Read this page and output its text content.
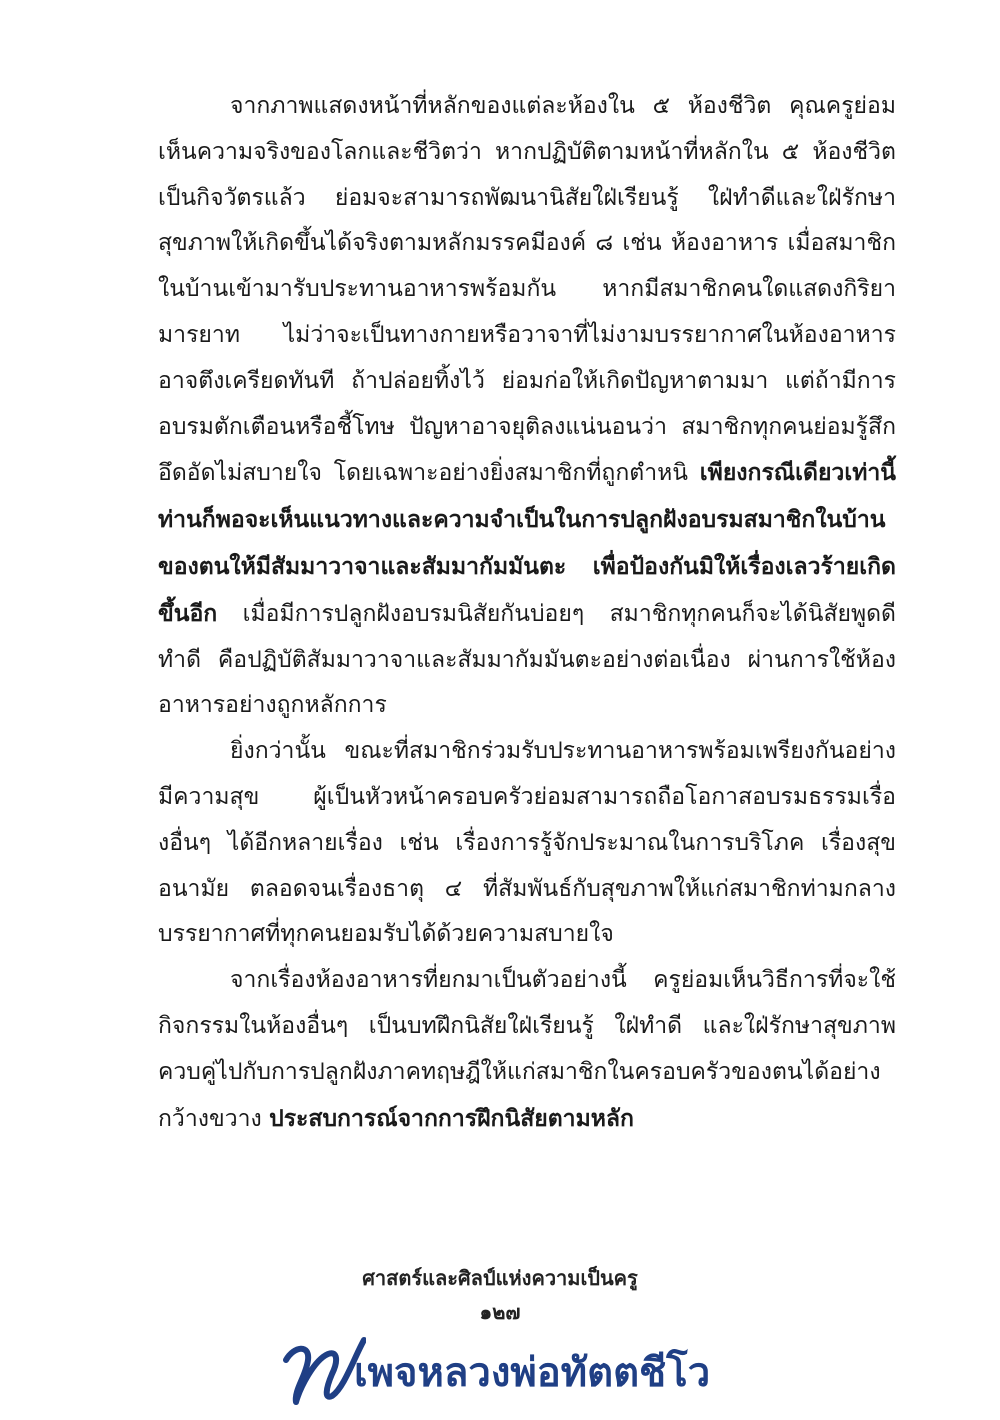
จากภาพแสดงหน้าที่หลักของแต่ละห้องใน ๕ ห้องชีวิต คุณครูย่อมเห็นความจริงของโลกและชีวิตว่า หากปฏิบัติตามหน้าที่หลักใน ๕ ห้องชีวิตเป็นกิจวัตรแล้ว ย่อมจะสามารถพัฒนานิสัยใฝ่เรียนรู้ ใฝ่ทำดีและใฝ่รักษาสุขภาพให้เกิดขึ้นได้จริงตามหลักมรรคมีองค์ ๘ เช่น ห้องอาหาร เมื่อสมาชิกในบ้านเข้ามารับประทานอาหารพร้อมกัน หากมีสมาชิกคนใดแสดงกิริยามารยาท ไม่ว่าจะเป็นทางกายหรือวาจาที่ไม่งามบรรยากาศในห้องอาหารอาจตึงเครียดทันที ถ้าปล่อยทิ้งไว้ ย่อมก่อให้เกิดปัญหาตามมา แต่ถ้ามีการอบรมตักเตือนหรือชี้โทษ ปัญหาอาจยุติลงแน่นอนว่า สมาชิกทุกคนย่อมรู้สึกอึดอัดไม่สบายใจ โดยเฉพาะอย่างยิ่งสมาชิกที่ถูกตำหนิ เพียงกรณีเดียวเท่านี้ ท่านก็พอจะเห็นแนวทางและความจำเป็นในการปลูกฝังอบรมสมาชิกในบ้านของตนให้มีสัมมาวาจาและสัมมากัมมันตะ เพื่อป้องกันมิให้เรื่องเลวร้ายเกิดขึ้นอีก เมื่อมีการปลูกฝังอบรมนิสัยกันบ่อยๆ สมาชิกทุกคนก็จะได้นิสัยพูดดี ทำดี คือปฏิบัติสัมมาวาจาและสัมมากัมมันตะอย่างต่อเนื่อง ผ่านการใช้ห้องอาหารอย่างถูกหลักการ

ยิ่งกว่านั้น ขณะที่สมาชิกร่วมรับประทานอาหารพร้อมเพรียงกันอย่างมีความสุข ผู้เป็นหัวหน้าครอบครัวย่อมสามารถถือโอกาสอบรมธรรมเรื่องอื่นๆ ได้อีกหลายเรื่อง เช่น เรื่องการรู้จักประมาณในการบริโภค เรื่องสุขอนามัย ตลอดจนเรื่องธาตุ ๔ ที่สัมพันธ์กับสุขภาพให้แก่สมาชิกท่ามกลางบรรยากาศที่ทุกคนยอมรับได้ด้วยความสบายใจ

จากเรื่องห้องอาหารที่ยกมาเป็นตัวอย่างนี้ ครูย่อมเห็นวิธีการที่จะใช้กิจกรรมในห้องอื่นๆ เป็นบทฝึกนิสัยใฝ่เรียนรู้ ใฝ่ทำดี และใฝ่รักษาสุขภาพ ควบคู่ไปกับการปลูกฝังภาคทฤษฎีให้แก่สมาชิกในครอบครัวของตนได้อย่างกว้างขวาง ประสบการณ์จากการฝึกนิสัยตามหลัก

ศาสตร์และศิลป์แห่งความเป็นครู
๑๒๗
เพจหลวงพ่อทัตตชีโว
